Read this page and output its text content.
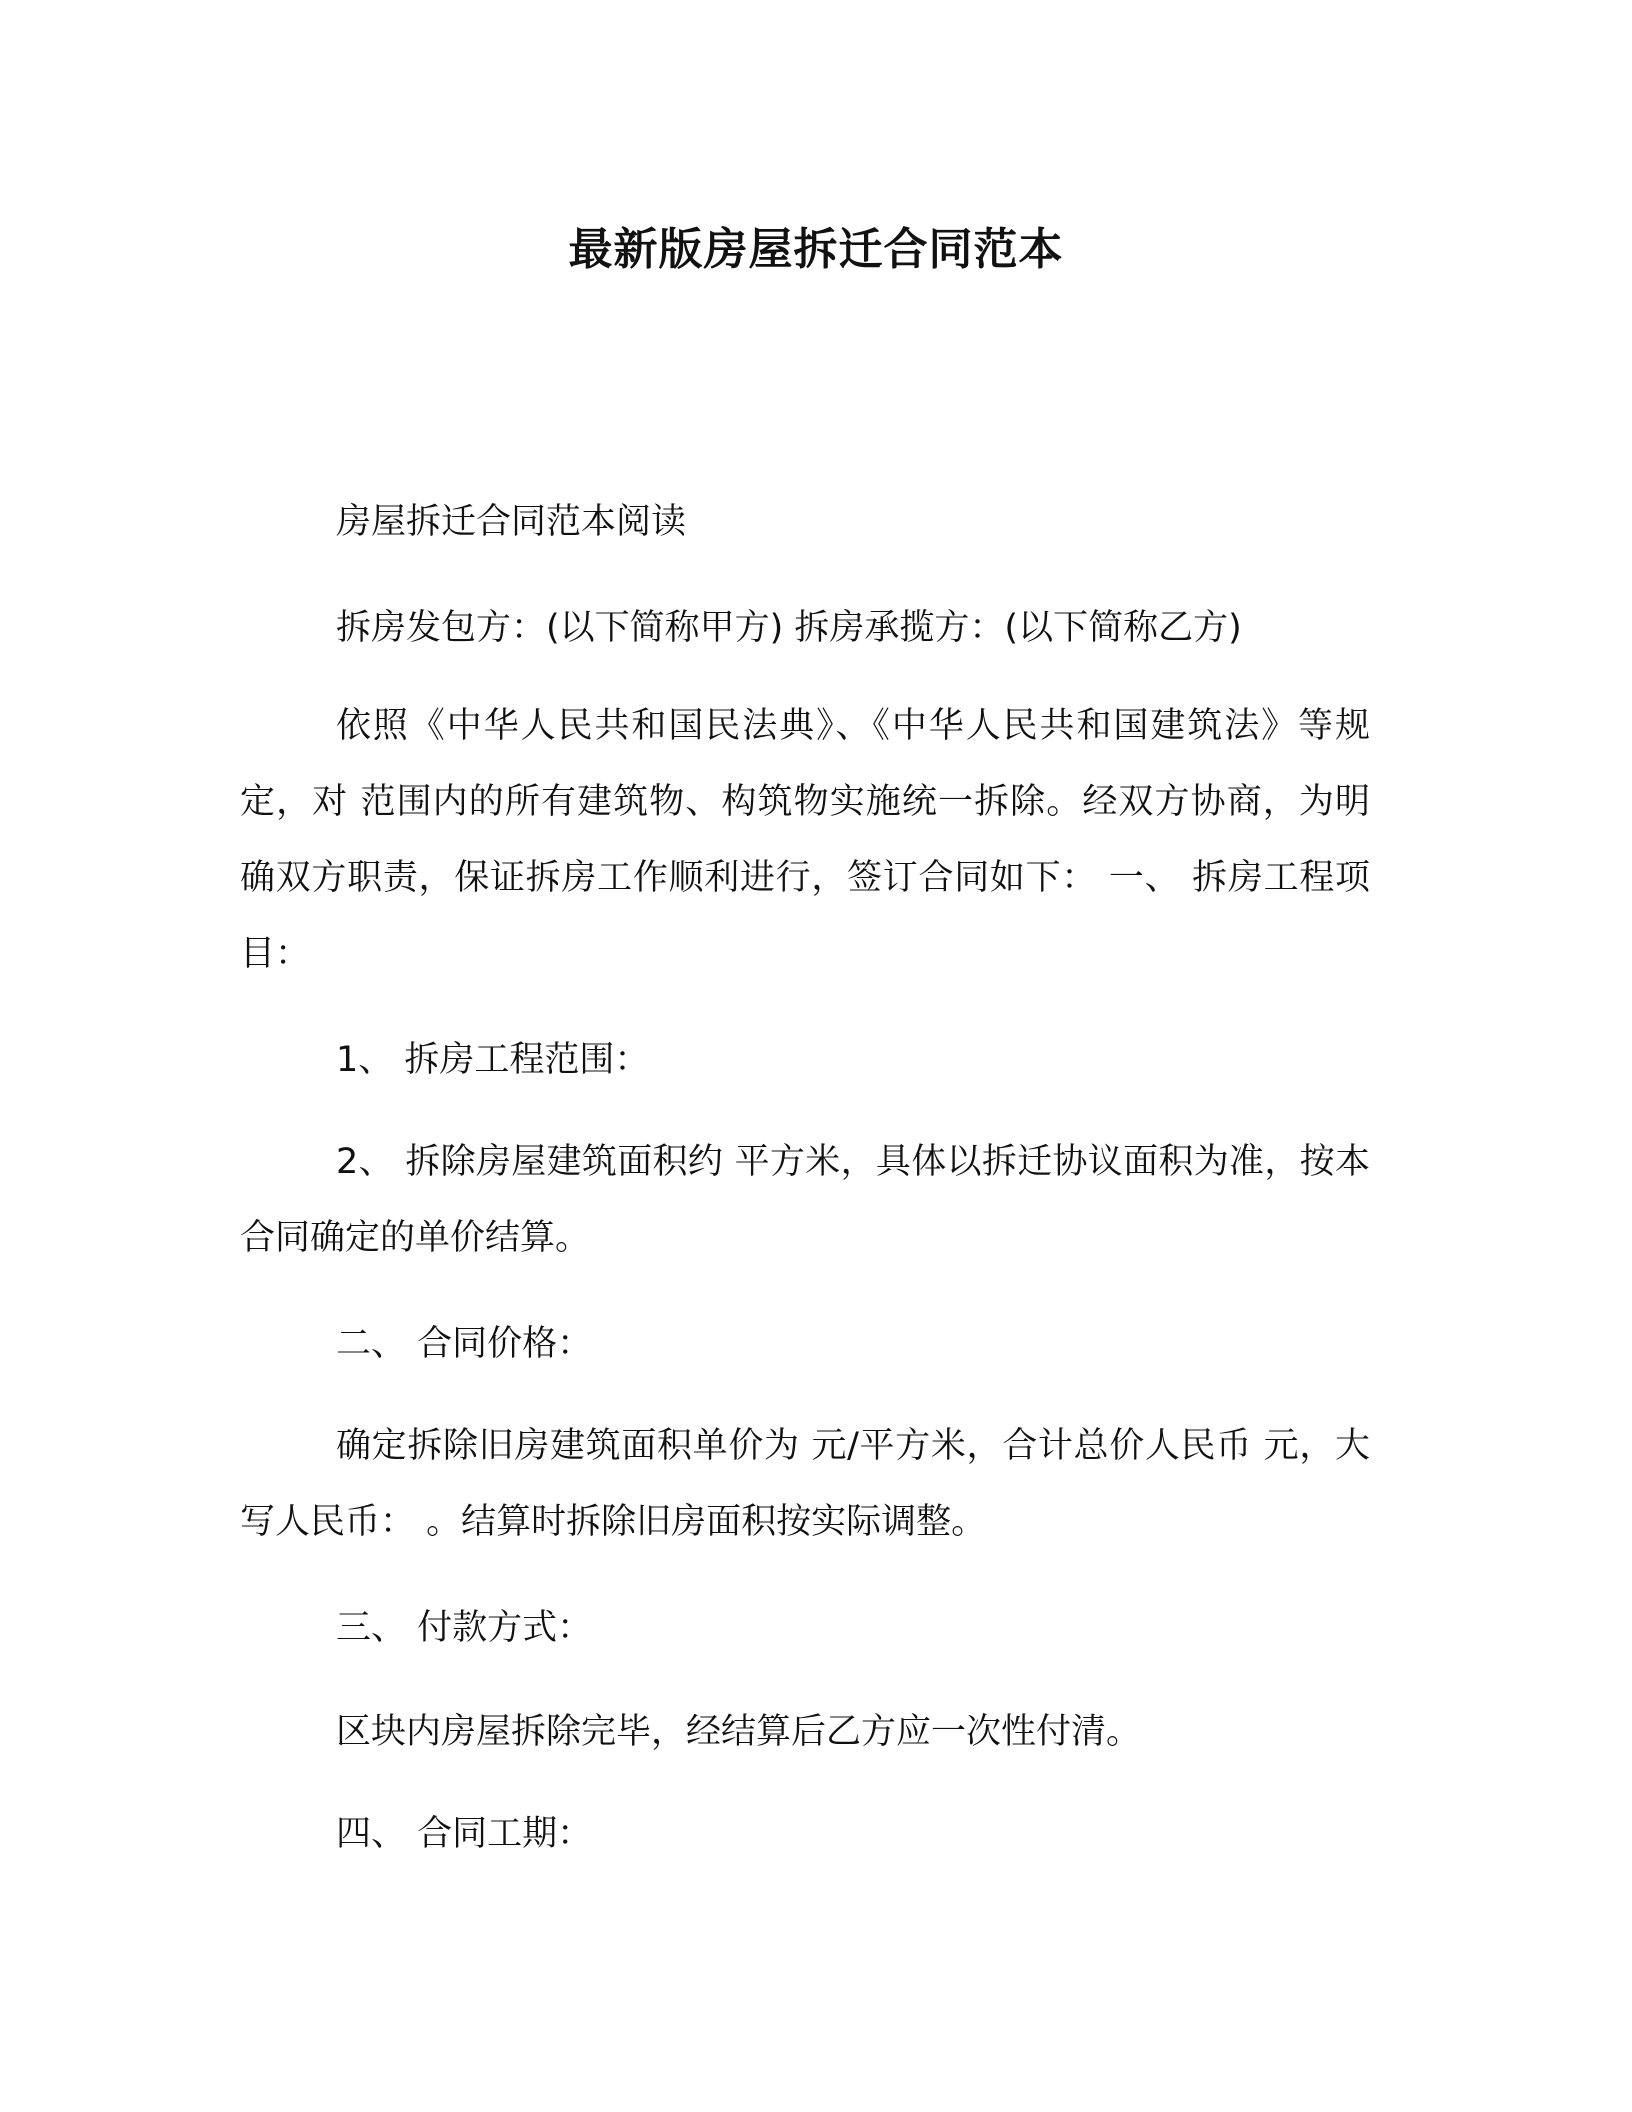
最新版房屋拆迁合同范本

房屋拆迁合同范本阅读

拆房发包方：(以下简称甲方) 拆房承揽方：(以下简称乙方)

依照《中华人民共和国民法典》、《中华人民共和国建筑法》等规定，对 范围内的所有建筑物、构筑物实施统一拆除。经双方协商，为明确双方职责，保证拆房工作顺利进行，签订合同如下： 一、 拆房工程项目：

1、 拆房工程范围：

2、 拆除房屋建筑面积约 平方米，具体以拆迁协议面积为准，按本合同确定的单价结算。

二、 合同价格：

确定拆除旧房建筑面积单价为 元/平方米，合计总价人民币 元，大写人民币： 。结算时拆除旧房面积按实际调整。

三、 付款方式：

区块内房屋拆除完毕，经结算后乙方应一次性付清。

四、 合同工期：
